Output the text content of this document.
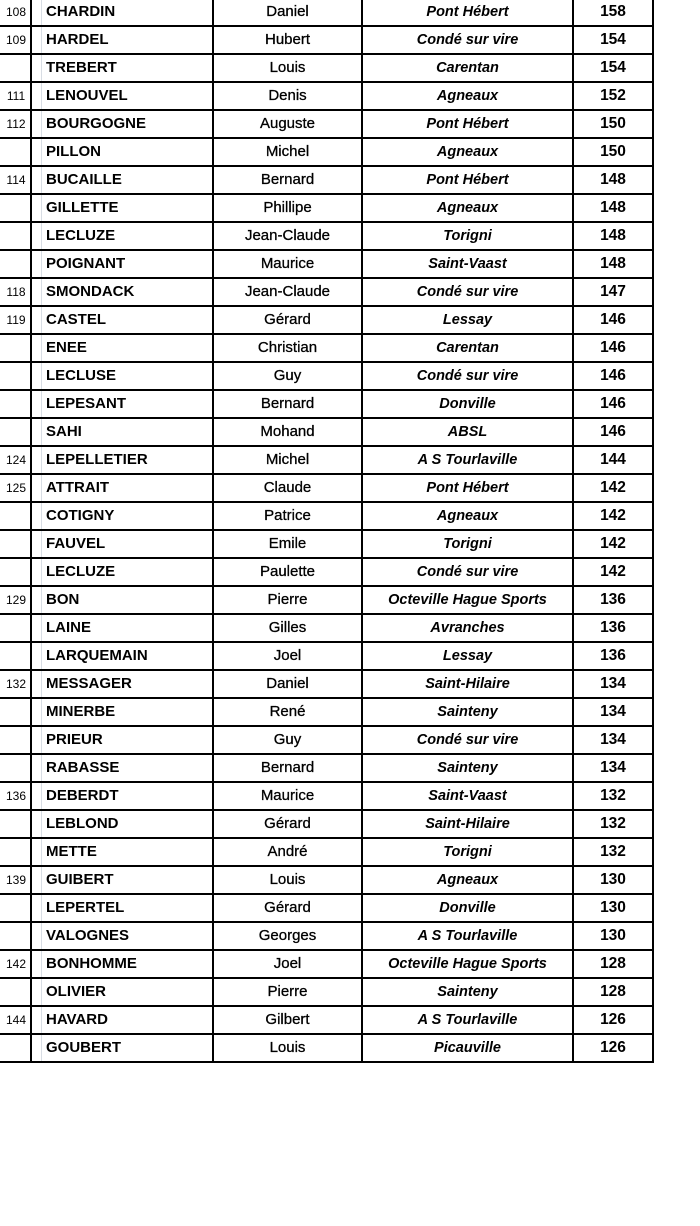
108	CHARDIN	Daniel	Pont Hébert	158
109	HARDEL	Hubert	Condé sur vire	154
	TREBERT	Louis	Carentan	154
111	LENOUVEL	Denis	Agneaux	152
112	BOURGOGNE	Auguste	Pont Hébert	150
	PILLON	Michel	Agneaux	150
114	BUCAILLE	Bernard	Pont Hébert	148
	GILLETTE	Phillipe	Agneaux	148
	LECLUZE	Jean-Claude	Torigni	148
	POIGNANT	Maurice	Saint-Vaast	148
118	SMONDACK	Jean-Claude	Condé sur vire	147
119	CASTEL	Gérard	Lessay	146
	ENEE	Christian	Carentan	146
	LECLUSE	Guy	Condé sur vire	146
	LEPESANT	Bernard	Donville	146
	SAHI	Mohand	ABSL	146
124	LEPELLETIER	Michel	A S Tourlaville	144
125	ATTRAIT	Claude	Pont Hébert	142
	COTIGNY	Patrice	Agneaux	142
	FAUVEL	Emile	Torigni	142
	LECLUZE	Paulette	Condé sur vire	142
129	BON	Pierre	Octeville Hague Sports	136
	LAINE	Gilles	Avranches	136
	LARQUEMAIN	Joel	Lessay	136
132	MESSAGER	Daniel	Saint-Hilaire	134
	MINERBE	René	Sainteny	134
	PRIEUR	Guy	Condé sur vire	134
	RABASSE	Bernard	Sainteny	134
136	DEBERDT	Maurice	Saint-Vaast	132
	LEBLOND	Gérard	Saint-Hilaire	132
	METTE	André	Torigni	132
139	GUIBERT	Louis	Agneaux	130
	LEPERTEL	Gérard	Donville	130
	VALOGNES	Georges	A S Tourlaville	130
142	BONHOMME	Joel	Octeville Hague Sports	128
	OLIVIER	Pierre	Sainteny	128
144	HAVARD	Gilbert	A S Tourlaville	126
	GOUBERT	Louis	Picauville	126
